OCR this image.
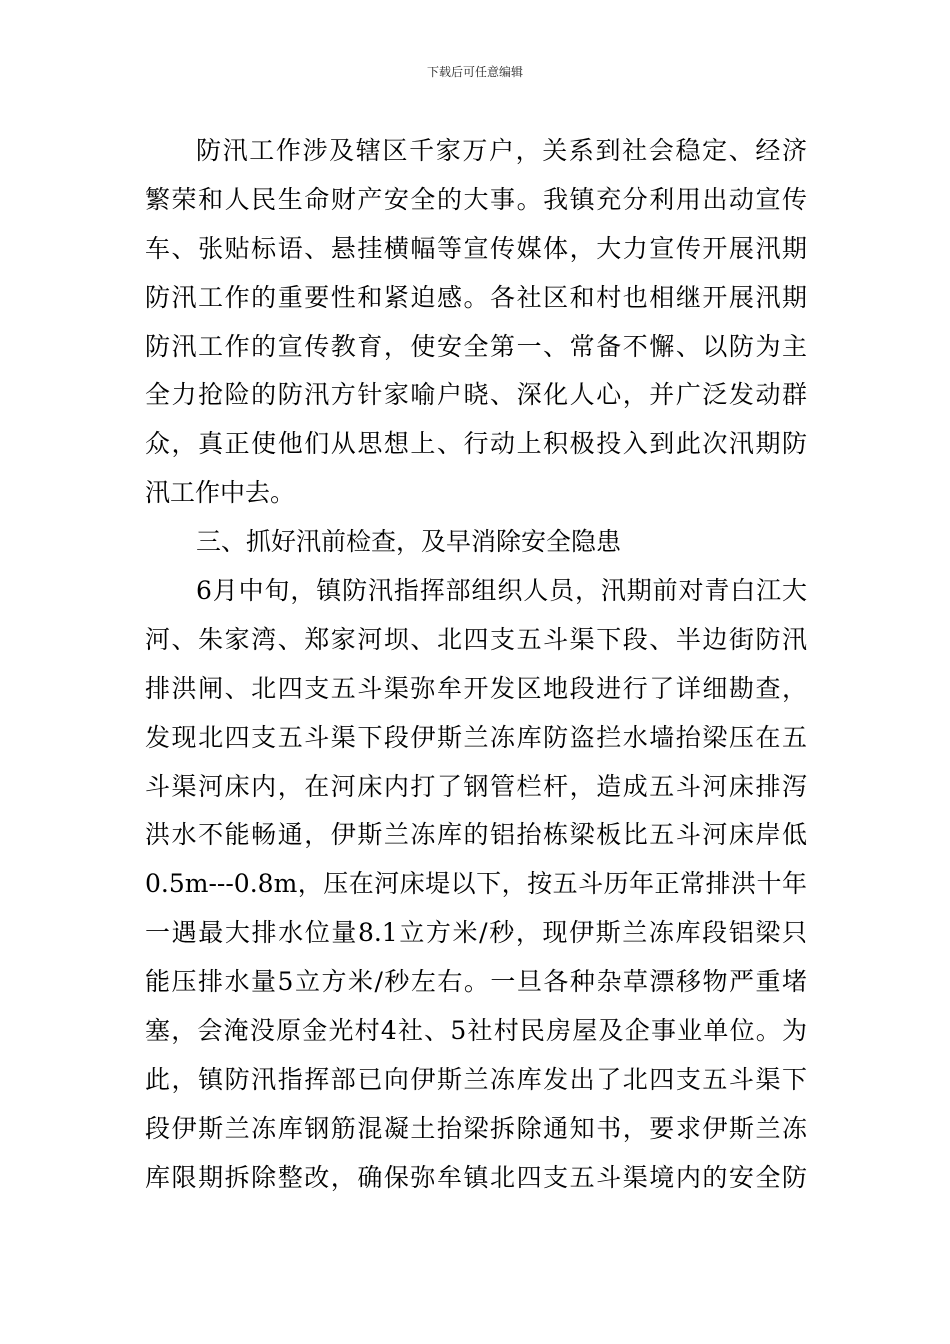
下载后可任意编辑
防汛工作涉及辖区千家万户，关系到社会稳定、经济
繁荣和人民生命财产安全的大事。我镇充分利用出动宣传
车、张贴标语、悬挂横幅等宣传媒体，大力宣传开展汛期
防汛工作的重要性和紧迫感。各社区和村也相继开展汛期
防汛工作的宣传教育，使安全第一、常备不懈、以防为主
全力抢险的防汛方针家喻户晓、深化人心，并广泛发动群
众，真正使他们从思想上、行动上积极投入到此次汛期防
汛工作中去。
三、抓好汛前检查，及早消除安全隐患
6月中旬，镇防汛指挥部组织人员，汛期前对青白江大
河、朱家湾、郑家河坝、北四支五斗渠下段、半边街防汛
排洪闸、北四支五斗渠弥牟开发区地段进行了详细勘查，
发现北四支五斗渠下段伊斯兰冻库防盗拦水墙抬梁压在五
斗渠河床内，在河床内打了钢管栏杆，造成五斗河床排泻
洪水不能畅通，伊斯兰冻库的铝抬栋梁板比五斗河床岸低
0.5m---0.8m，压在河床堤以下，按五斗历年正常排洪十年
一遇最大排水位量8.1立方米/秒，现伊斯兰冻库段铝梁只
能压排水量5立方米/秒左右。一旦各种杂草漂移物严重堵
塞，会淹没原金光村4社、5社村民房屋及企事业单位。为
此，镇防汛指挥部已向伊斯兰冻库发出了北四支五斗渠下
段伊斯兰冻库钢筋混凝土抬梁拆除通知书，要求伊斯兰冻
库限期拆除整改，确保弥牟镇北四支五斗渠境内的安全防
